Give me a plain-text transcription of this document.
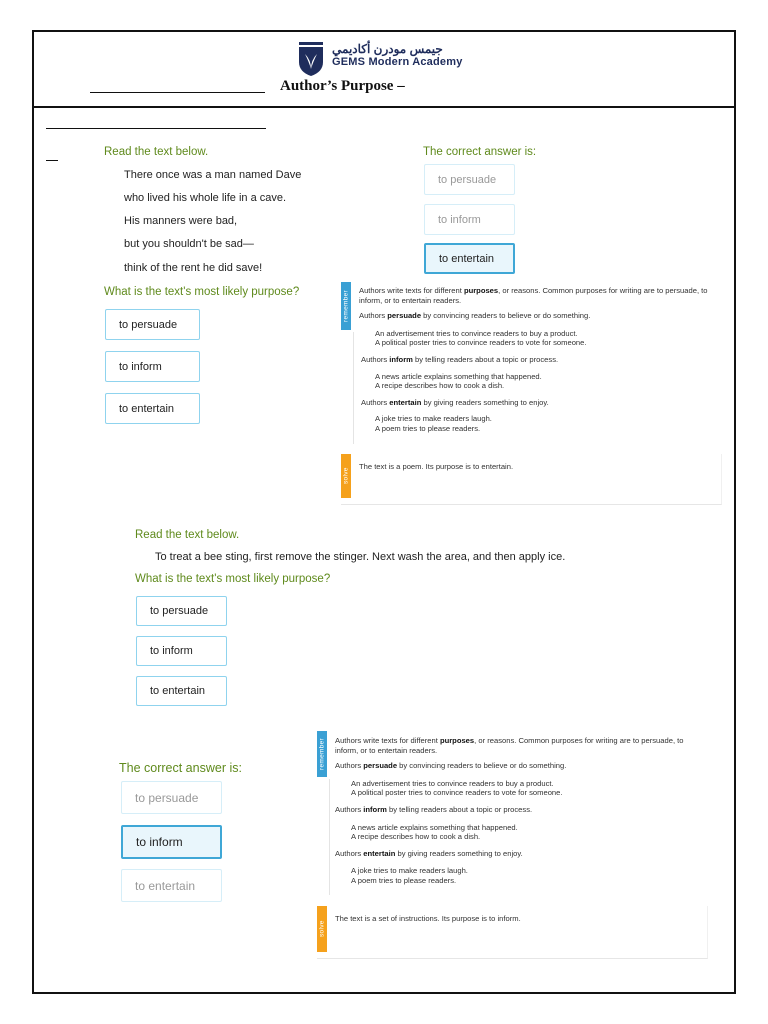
جيمس مودرن أكاديمي
GEMS Modern Academy
Author’s Purpose –
Read the text below.
There once was a man named Dave
who lived his whole life in a cave.
His manners were bad,
but you shouldn't be sad—
think of the rent he did save!
What is the text's most likely purpose?
to persuade
to inform
to entertain
The correct answer is:
to persuade
to inform
to entertain
remember Authors write texts for different purposes, or reasons. Common purposes for writing are to persuade, to inform, or to entertain readers.

Authors persuade by convincing readers to believe or do something.

An advertisement tries to convince readers to buy a product.

A political poster tries to convince readers to vote for someone.

Authors inform by telling readers about a topic or process.

A news article explains something that happened.

A recipe describes how to cook a dish.

Authors entertain by giving readers something to enjoy.

A joke tries to make readers laugh.

A poem tries to please readers.

solve
The text is a poem. Its purpose is to entertain.
Read the text below.
To treat a bee sting, first remove the stinger. Next wash the area, and then apply ice.
What is the text's most likely purpose?
to persuade
to inform
to entertain
The correct answer is:
to persuade
to inform
to entertain
remember Authors write texts for different purposes, or reasons. Common purposes for writing are to persuade, to inform, or to entertain readers.

Authors persuade by convincing readers to believe or do something.

An advertisement tries to convince readers to buy a product.

A political poster tries to convince readers to vote for someone.

Authors inform by telling readers about a topic or process.

A news article explains something that happened.

A recipe describes how to cook a dish.

Authors entertain by giving readers something to enjoy.

A joke tries to make readers laugh.

A poem tries to please readers.

solve
The text is a set of instructions. Its purpose is to inform.
